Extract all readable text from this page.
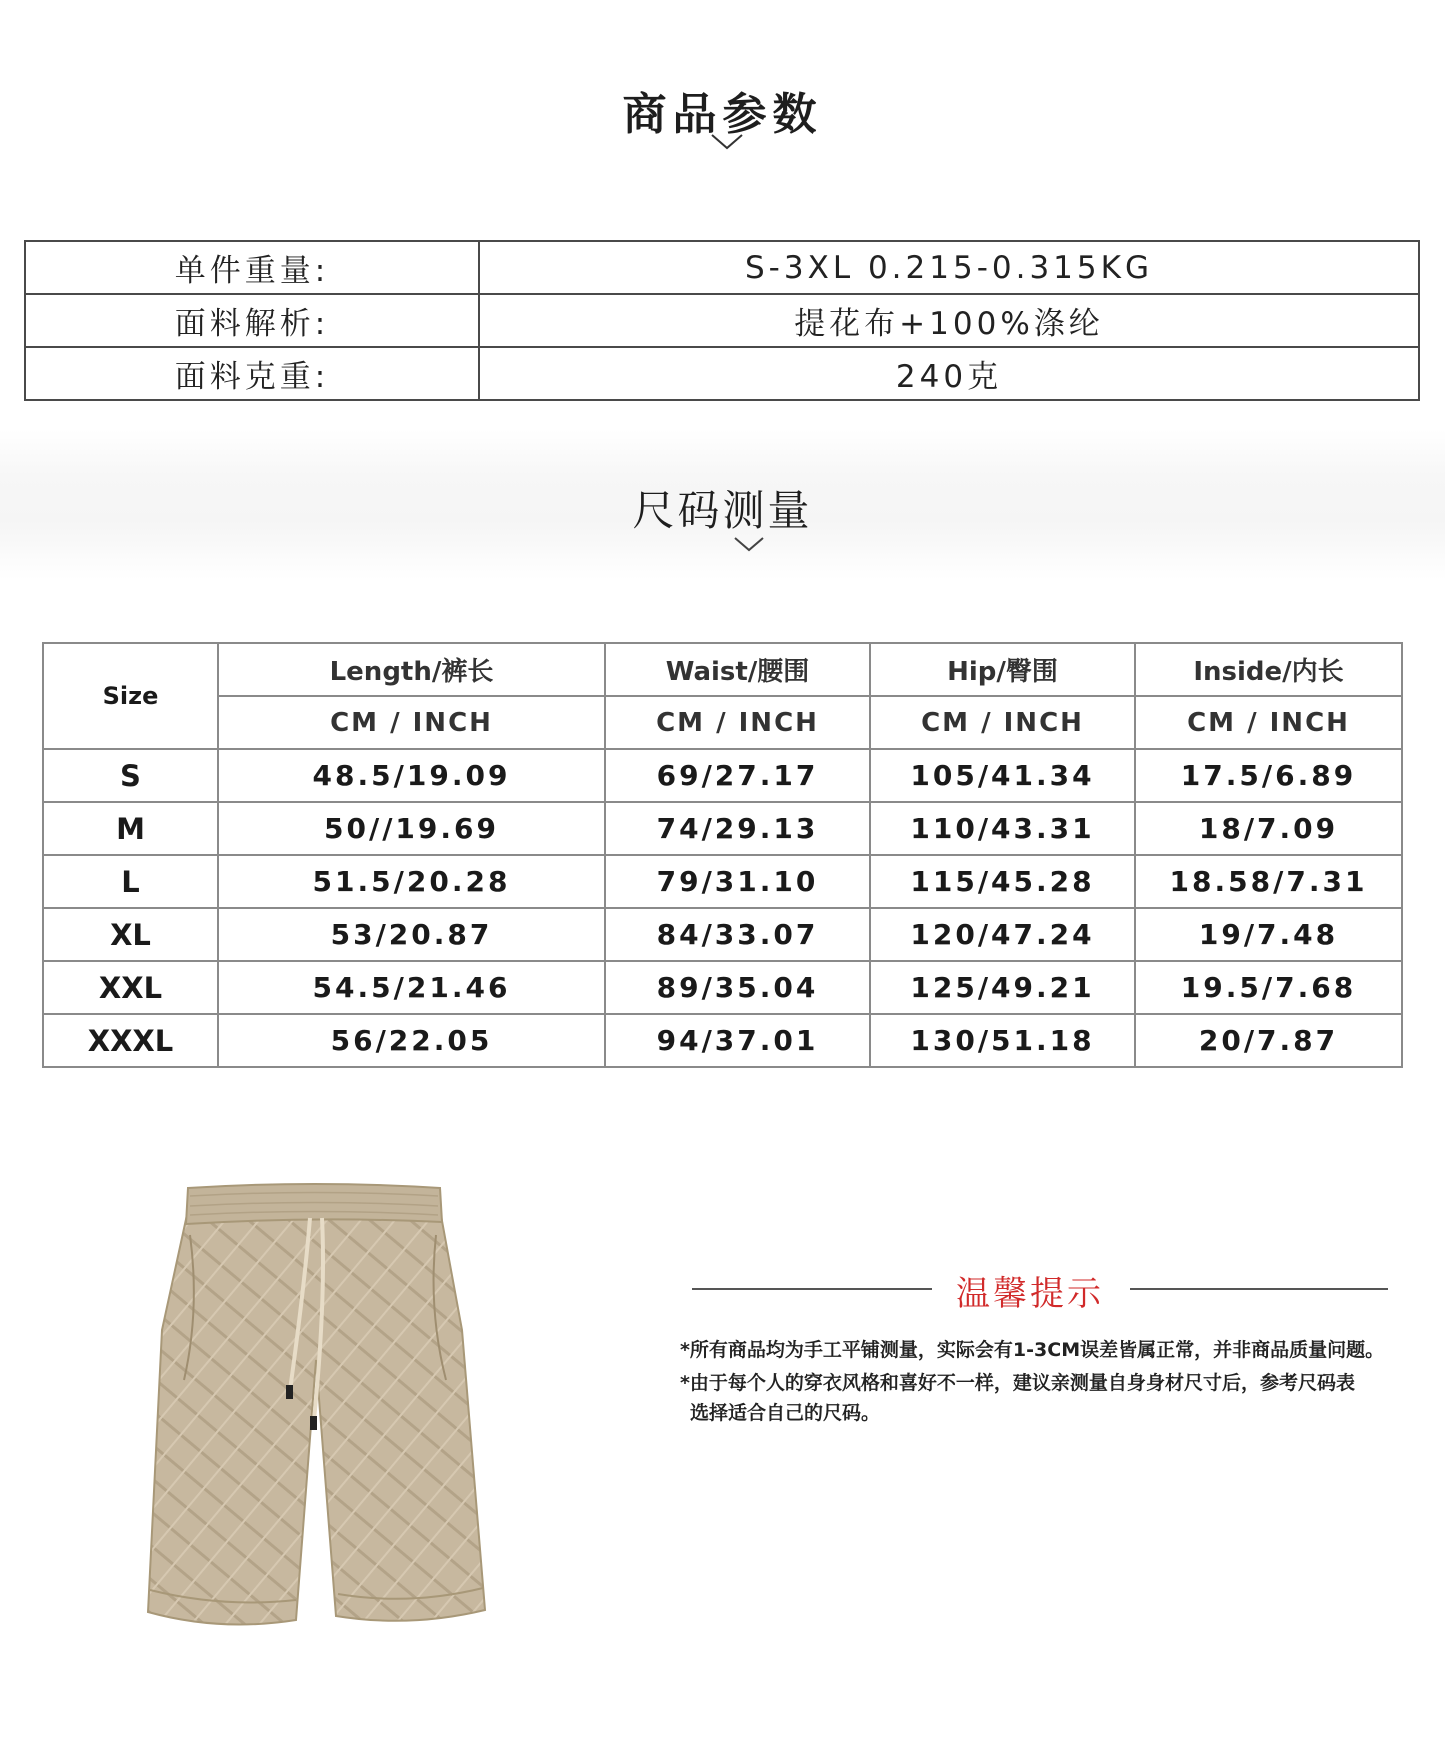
商品参数
单件重量:	S-3XL 0.215-0.315KG
面料解析:	提花布+100%涤纶
面料克重:	240克
尺码测量
Size	Length/裤长	Waist/腰围	Hip/臀围	Inside/内长
	CM / INCH	CM / INCH	CM / INCH	CM / INCH
S	48.5/19.09	69/27.17	105/41.34	17.5/6.89
M	50//19.69	74/29.13	110/43.31	18/7.09
L	51.5/20.28	79/31.10	115/45.28	18.58/7.31
XL	53/20.87	84/33.07	120/47.24	19/7.48
XXL	54.5/21.46	89/35.04	125/49.21	19.5/7.68
XXXL	56/22.05	94/37.01	130/51.18	20/7.87
温馨提示
*所有商品均为手工平铺测量，实际会有1-3CM误差皆属正常，并非商品质量问题。
*由于每个人的穿衣风格和喜好不一样，建议亲测量自身身材尺寸后，参考尺码表
选择适合自己的尺码。
